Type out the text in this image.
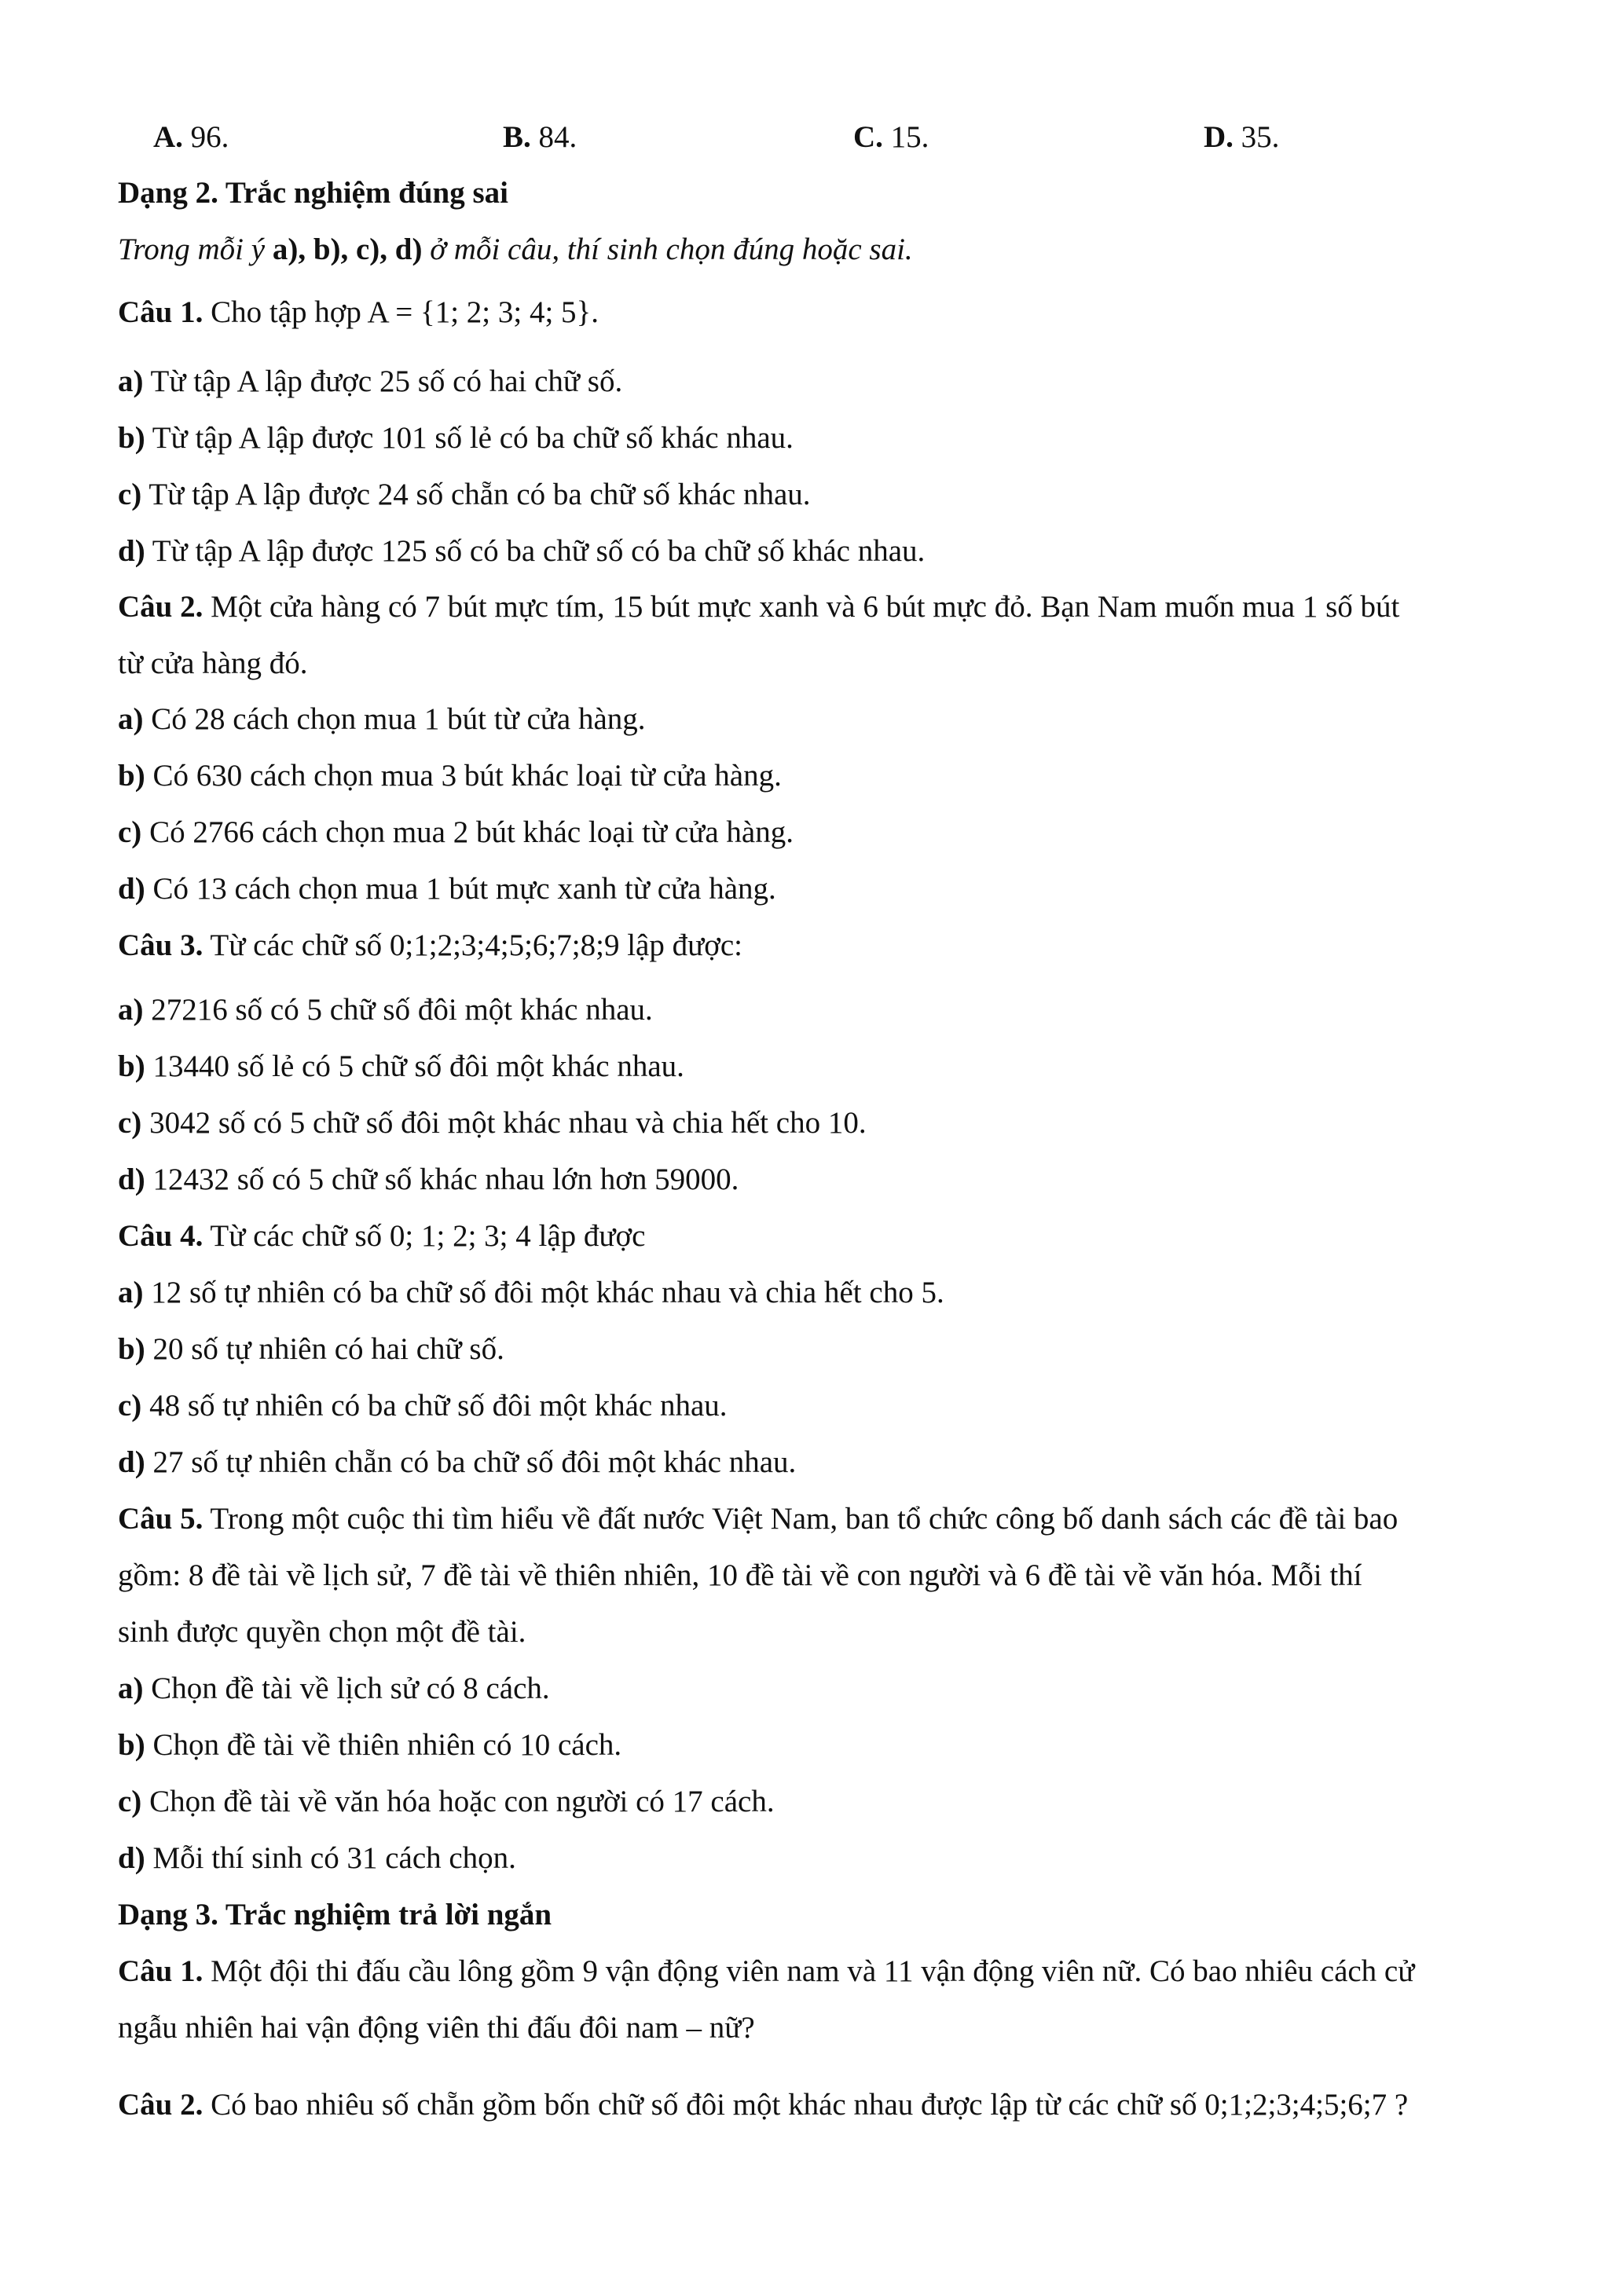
A. 96.	B. 84.	C. 15.	D. 35.
Dạng 2. Trắc nghiệm đúng sai
Trong mỗi ý a), b), c), d) ở mỗi câu, thí sinh chọn đúng hoặc sai.
Câu 1. Cho tập hợp A = {1; 2; 3; 4; 5}.
a) Từ tập A lập được 25 số có hai chữ số.
b) Từ tập A lập được 101 số lẻ có ba chữ số khác nhau.
c) Từ tập A lập được 24 số chẵn có ba chữ số khác nhau.
d) Từ tập A lập được 125 số có ba chữ số có ba chữ số khác nhau.
Câu 2. Một cửa hàng có 7 bút mực tím, 15 bút mực xanh và 6 bút mực đỏ. Bạn Nam muốn mua 1 số bút
từ cửa hàng đó.
a) Có 28 cách chọn mua 1 bút từ cửa hàng.
b) Có 630 cách chọn mua 3 bút khác loại từ cửa hàng.
c) Có 2766 cách chọn mua 2 bút khác loại từ cửa hàng.
d) Có 13 cách chọn mua 1 bút mực xanh từ cửa hàng.
Câu 3. Từ các chữ số 0;1;2;3;4;5;6;7;8;9 lập được:
a) 27216 số có 5 chữ số đôi một khác nhau.
b) 13440 số lẻ có 5 chữ số đôi một khác nhau.
c) 3042 số có 5 chữ số đôi một khác nhau và chia hết cho 10.
d) 12432 số có 5 chữ số khác nhau lớn hơn 59000.
Câu 4. Từ các chữ số 0; 1; 2; 3; 4 lập được
a) 12 số tự nhiên có ba chữ số đôi một khác nhau và chia hết cho 5.
b) 20 số tự nhiên có hai chữ số.
c) 48 số tự nhiên có ba chữ số đôi một khác nhau.
d) 27 số tự nhiên chẵn có ba chữ số đôi một khác nhau.
Câu 5. Trong một cuộc thi tìm hiểu về đất nước Việt Nam, ban tổ chức công bố danh sách các đề tài bao
gồm: 8 đề tài về lịch sử, 7 đề tài về thiên nhiên, 10 đề tài về con người và 6 đề tài về văn hóa. Mỗi thí
sinh được quyền chọn một đề tài.
a) Chọn đề tài về lịch sử có 8 cách.
b) Chọn đề tài về thiên nhiên có 10 cách.
c) Chọn đề tài về văn hóa hoặc con người có 17 cách.
d) Mỗi thí sinh có 31 cách chọn.
Dạng 3. Trắc nghiệm trả lời ngắn
Câu 1. Một đội thi đấu cầu lông gồm 9 vận động viên nam và 11 vận động viên nữ. Có bao nhiêu cách cử
ngẫu nhiên hai vận động viên thi đấu đôi nam – nữ?
Câu 2. Có bao nhiêu số chẵn gồm bốn chữ số đôi một khác nhau được lập từ các chữ số 0;1;2;3;4;5;6;7 ?
